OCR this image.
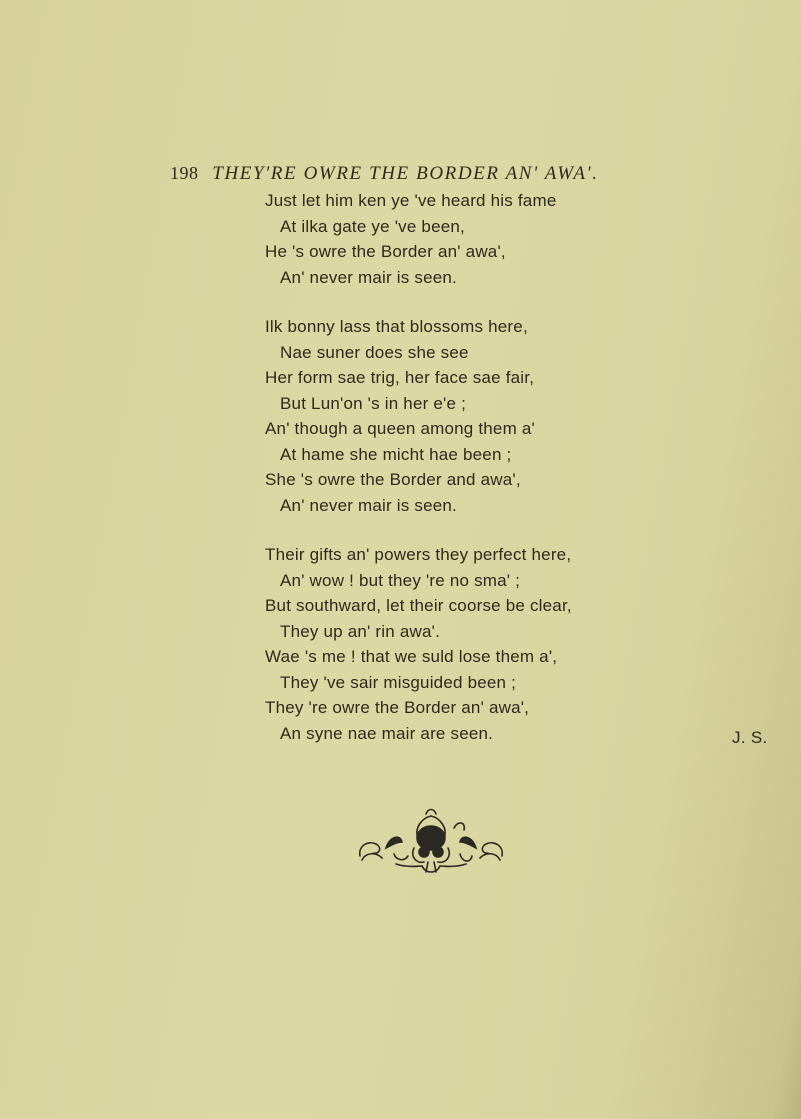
198 THEY'RE OWRE THE BORDER AN' AWA'.
Just let him ken ye 've heard his fame
At ilka gate ye 've been,
He 's owre the Border an' awa',
An' never mair is seen.
Ilk bonny lass that blossoms here,
Nae suner does she see
Her form sae trig, her face sae fair,
But Lun'on 's in her e'e ;
An' though a queen among them a'
At hame she micht hae been ;
She 's owre the Border and awa',
An' never mair is seen.
Their gifts an' powers they perfect here,
An' wow ! but they 're no sma' ;
But southward, let their coorse be clear,
They up an' rin awa'.
Wae 's me ! that we suld lose them a',
They 've sair misguided been ;
They 're owre the Border an' awa',
An syne nae mair are seen.	J. S.
